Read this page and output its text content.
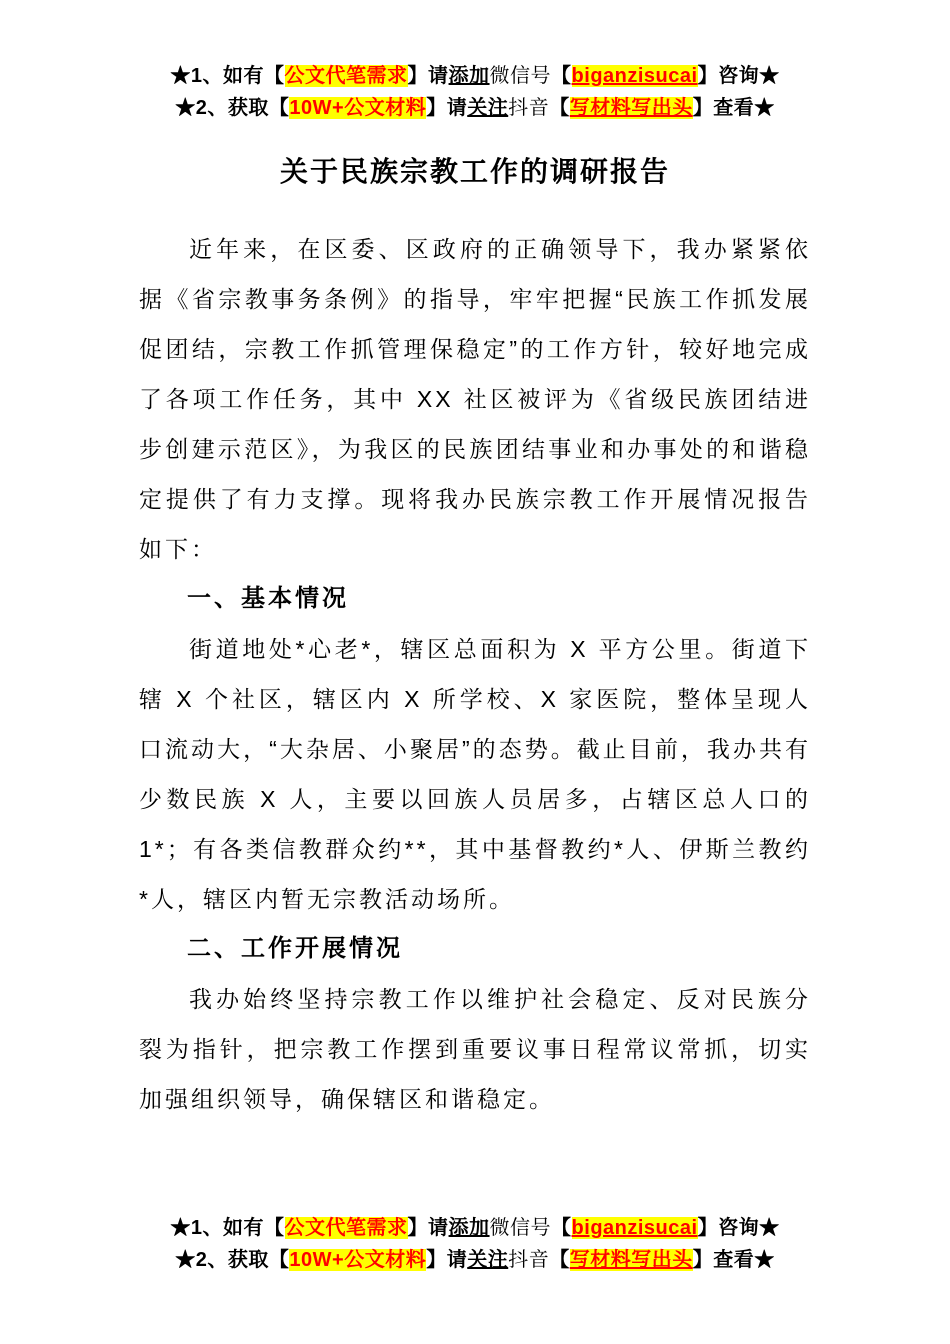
★1、如有【公文代笔需求】请添加微信号【biganzisucai】咨询★
★2、获取【10W+公文材料】请关注抖音【写材料写出头】查看★
关于民族宗教工作的调研报告
近年来，在区委、区政府的正确领导下，我办紧紧依据《省宗教事务条例》的指导，牢牢把握“民族工作抓发展促团结，宗教工作抓管理保稳定”的工作方针，较好地完成了各项工作任务，其中 XX 社区被评为《省级民族团结进步创建示范区》，为我区的民族团结事业和办事处的和谐稳定提供了有力支撑。现将我办民族宗教工作开展情况报告如下：
一、基本情况
街道地处*心老*，辖区总面积为 X 平方公里。街道下辖 X 个社区，辖区内 X 所学校、X 家医院，整体呈现人口流动大，“大杂居、小聚居”的态势。截止目前，我办共有少数民族 X 人，主要以回族人员居多，占辖区总人口的 1*；有各类信教群众约**，其中基督教约*人、伊斯兰教约*人，辖区内暂无宗教活动场所。
二、工作开展情况
我办始终坚持宗教工作以维护社会稳定、反对民族分裂为指针，把宗教工作摆到重要议事日程常议常抓，切实加强组织领导，确保辖区和谐稳定。
★1、如有【公文代笔需求】请添加微信号【biganzisucai】咨询★
★2、获取【10W+公文材料】请关注抖音【写材料写出头】查看★
